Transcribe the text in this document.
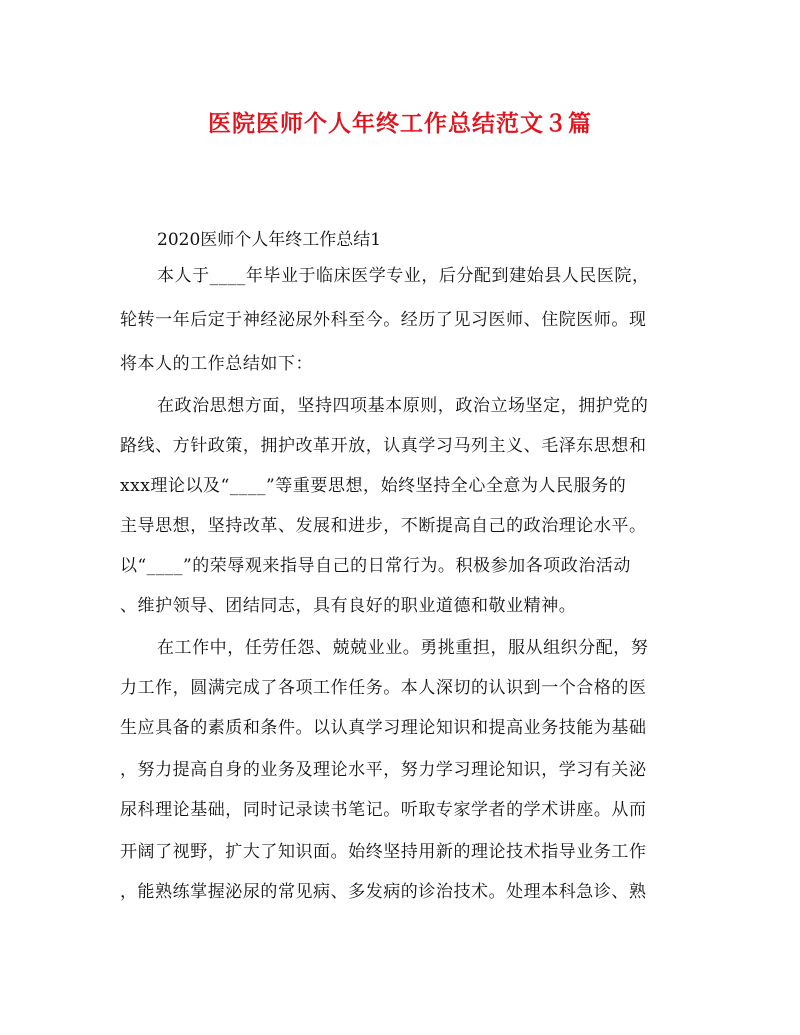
医院医师个人年终工作总结范文３篇
2020医师个人年终工作总结1
本人于____年毕业于临床医学专业，后分配到建始县人民医院，
轮转一年后定于神经泌尿外科至今。经历了见习医师、住院医师。现
将本人的工作总结如下：
在政治思想方面，坚持四项基本原则，政治立场坚定，拥护党的
路线、方针政策，拥护改革开放，认真学习马列主义、毛泽东思想和
xxx理论以及“____”等重要思想，始终坚持全心全意为人民服务的
主导思想，坚持改革、发展和进步，不断提高自己的政治理论水平。
以“____”的荣辱观来指导自己的日常行为。积极参加各项政治活动
、维护领导、团结同志，具有良好的职业道德和敬业精神。
在工作中，任劳任怨、兢兢业业。勇挑重担，服从组织分配，努
力工作，圆满完成了各项工作任务。本人深切的认识到一个合格的医
生应具备的素质和条件。以认真学习理论知识和提高业务技能为基础
，努力提高自身的业务及理论水平，努力学习理论知识，学习有关泌
尿科理论基础，同时记录读书笔记。听取专家学者的学术讲座。从而
开阔了视野，扩大了知识面。始终坚持用新的理论技术指导业务工作
，能熟练掌握泌尿的常见病、多发病的诊治技术。处理本科急诊、熟
